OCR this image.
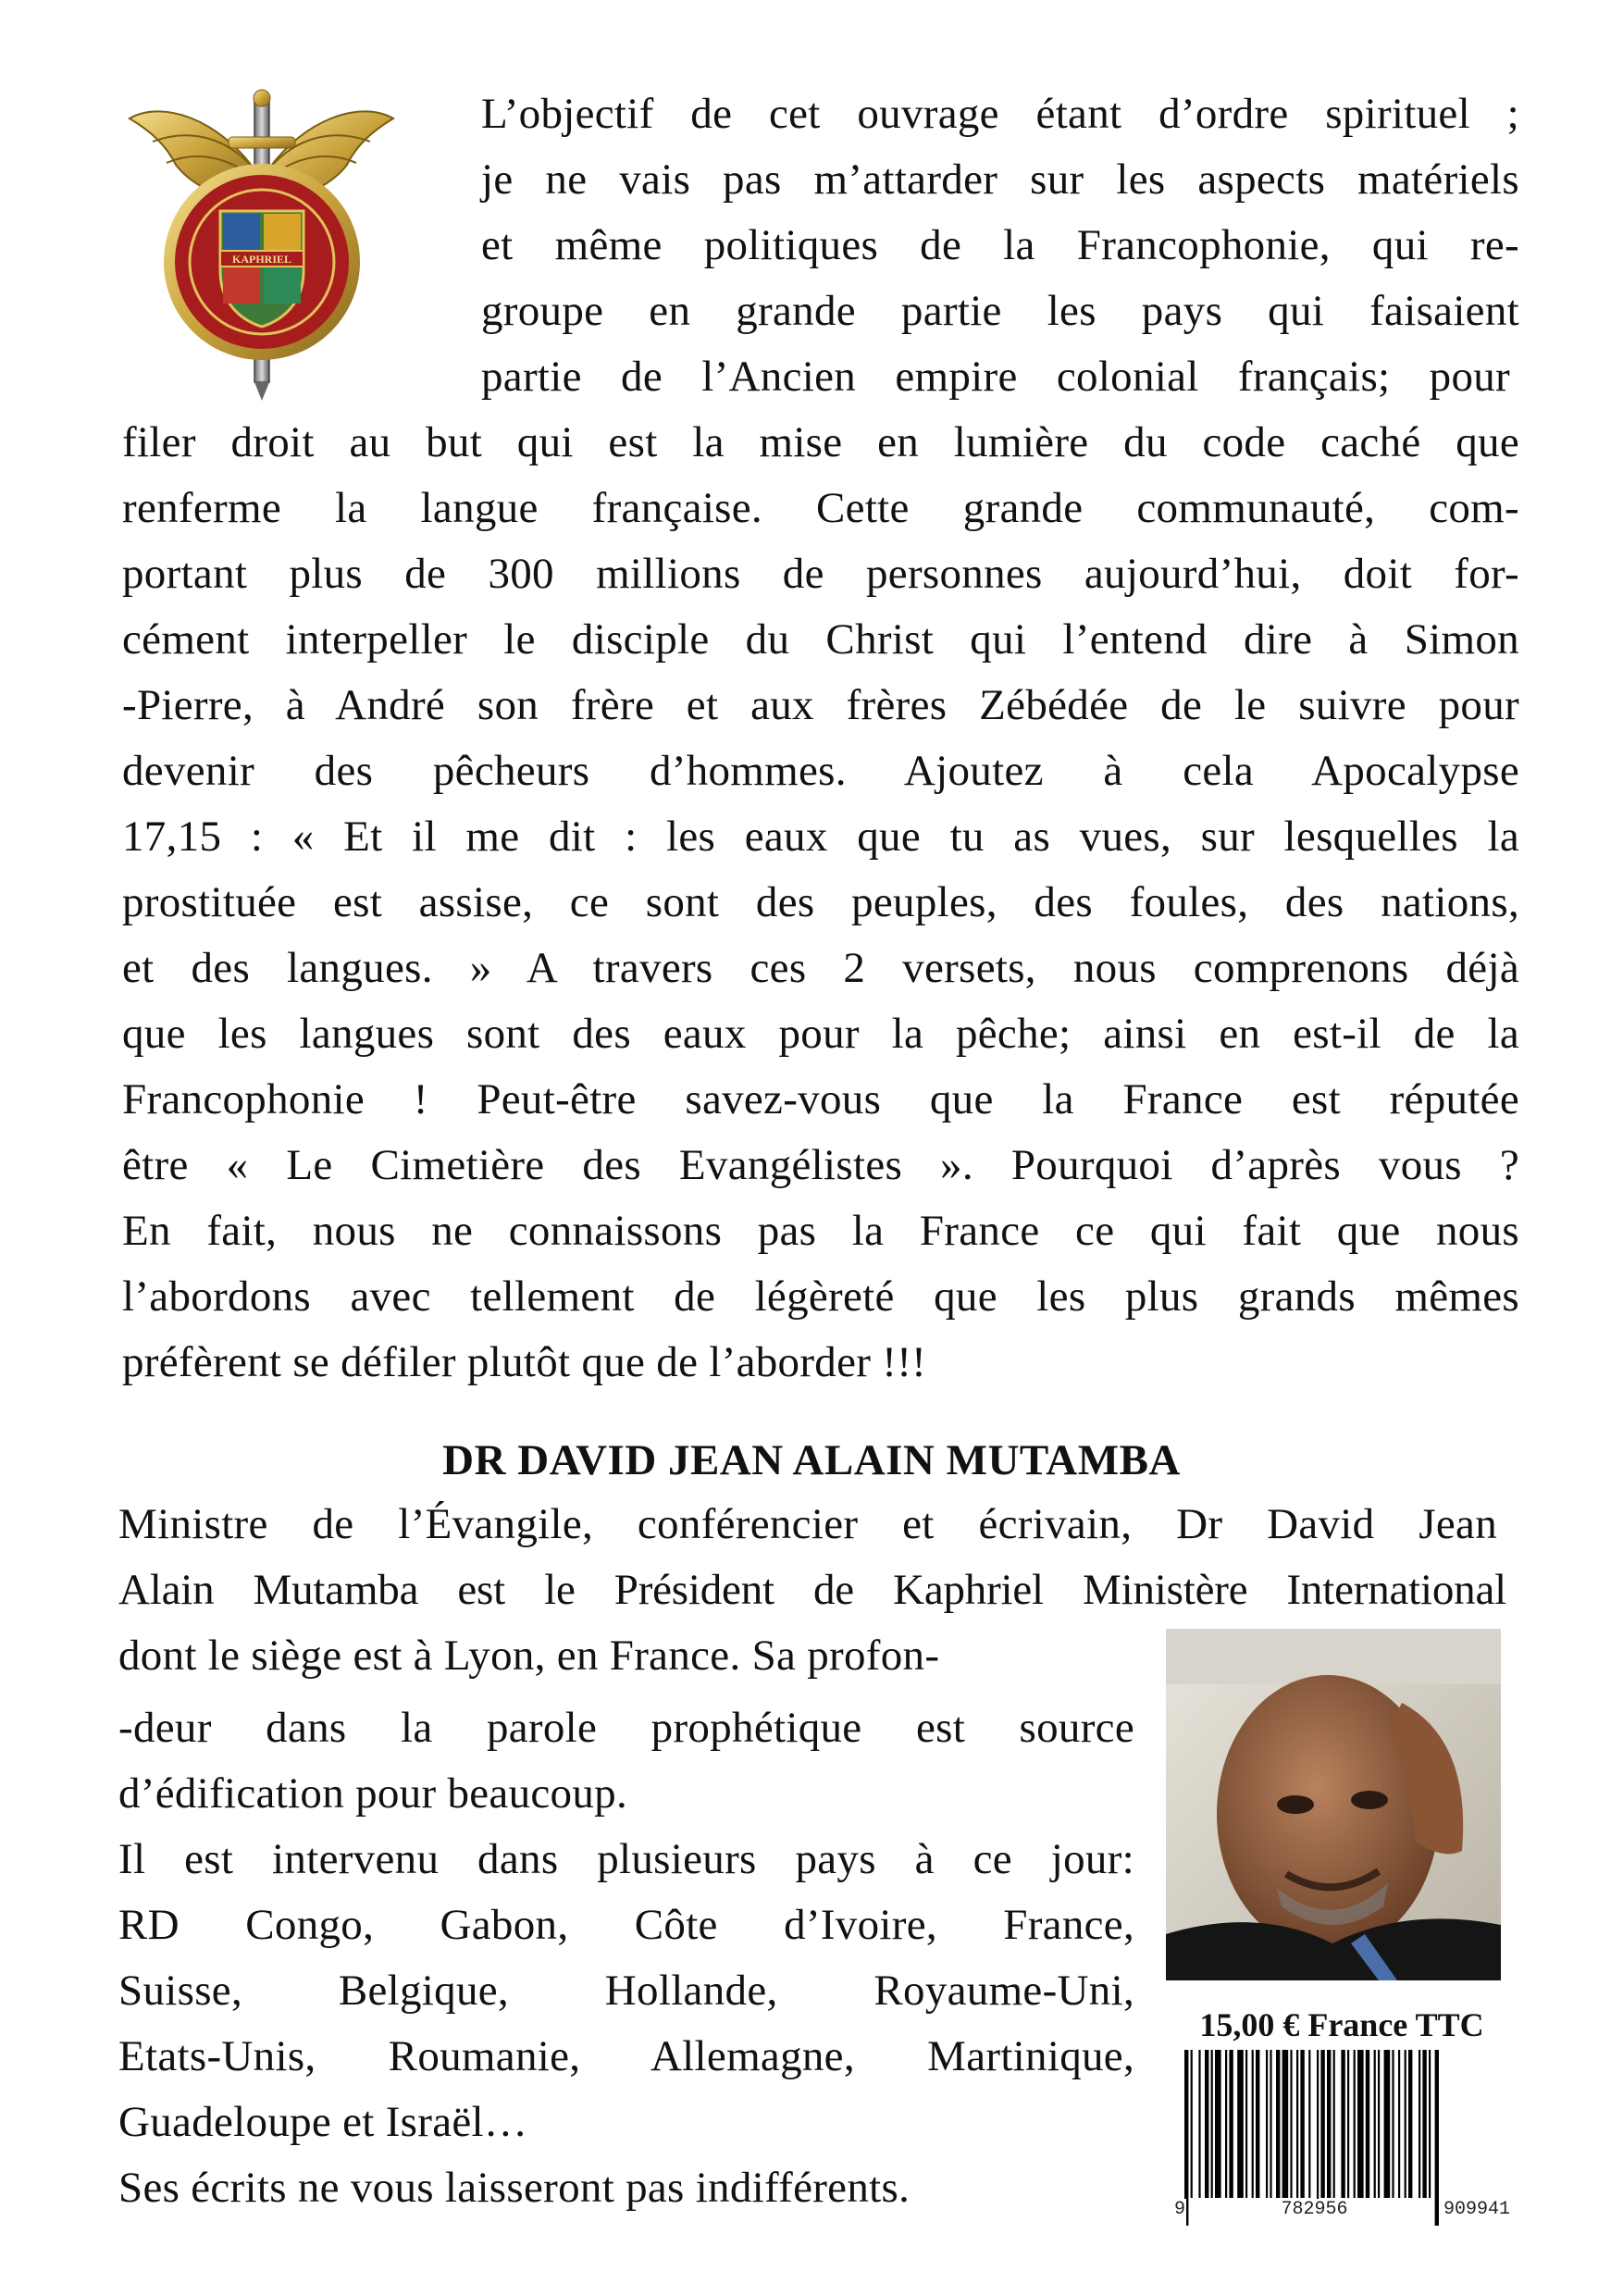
KAPHRIEL
L’objectif de cet ouvrage étant d’ordre spirituel ;
je ne vais pas m’attarder sur les aspects matériels
et même politiques de la Francophonie, qui re-
groupe en grande partie les pays qui faisaient
partie de l’Ancien empire colonial français; pour
filer droit au but qui est la mise en lumière du code caché que
renferme la langue française. Cette grande communauté, com-
portant plus de 300 millions de personnes aujourd’hui, doit for-
cément interpeller le disciple du Christ qui l’entend dire à Simon
-Pierre, à André son frère et aux frères Zébédée de le suivre pour
devenir des pêcheurs d’hommes. Ajoutez à cela Apocalypse
17,15 : « Et il me dit : les eaux que tu as vues, sur lesquelles la
prostituée est assise, ce sont des peuples, des foules, des nations,
et des langues. » A travers ces 2 versets, nous comprenons déjà
que les langues sont des eaux pour la pêche; ainsi en est-il de la
Francophonie ! Peut-être savez-vous que la France est réputée
être « Le Cimetière des Evangélistes ». Pourquoi d’après vous ?
En fait, nous ne connaissons pas la France ce qui fait que nous
l’abordons avec tellement de légèreté que les plus grands mêmes
préfèrent se défiler plutôt que de l’aborder !!!
DR DAVID JEAN ALAIN MUTAMBA
Ministre de l’Évangile, conférencier et écrivain, Dr David Jean
Alain Mutamba est le Président de Kaphriel Ministère International
dont le siège est à Lyon, en France. Sa profon-
-deur dans la parole prophétique est source
d’édification pour beaucoup.
Il est intervenu dans plusieurs pays à ce jour:
RD Congo, Gabon, Côte d’Ivoire, France,
Suisse, Belgique, Hollande, Royaume-Uni,
Etats-Unis, Roumanie, Allemagne, Martinique,
Guadeloupe et Israël…
Ses écrits ne vous laisseront pas indifférents.
15,00 € France TTC
9	782956	909941
